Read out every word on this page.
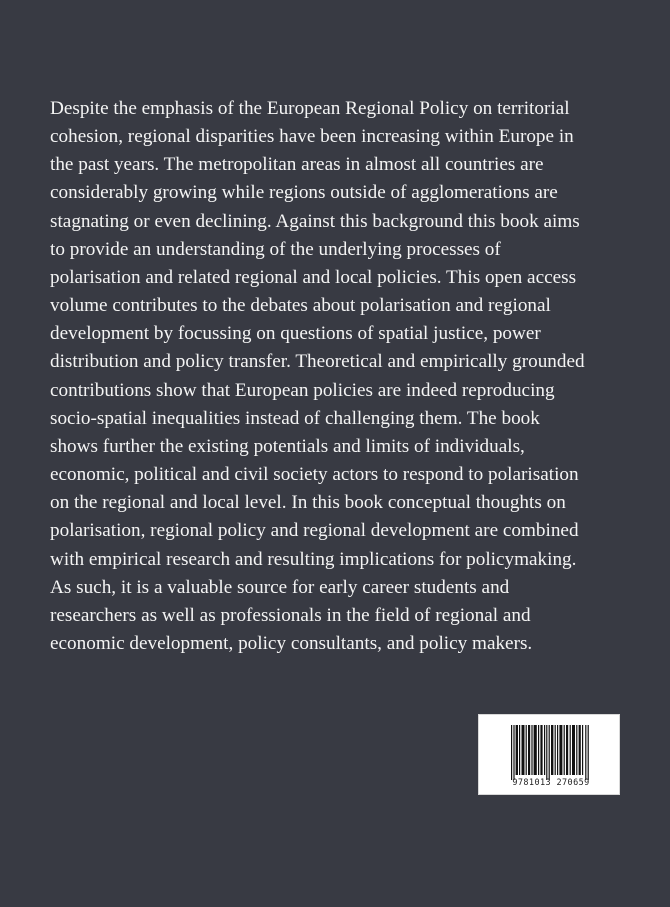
Despite the emphasis of the European Regional Policy on territorial
cohesion, regional disparities have been increasing within Europe in
the past years. The metropolitan areas in almost all countries are
considerably growing while regions outside of agglomerations are
stagnating or even declining. Against this background this book aims
to provide an understanding of the underlying processes of
polarisation and related regional and local policies. This open access
volume contributes to the debates about polarisation and regional
development by focussing on questions of spatial justice, power
distribution and policy transfer. Theoretical and empirically grounded
contributions show that European policies are indeed reproducing
socio-spatial inequalities instead of challenging them. The book
shows further the existing potentials and limits of individuals,
economic, political and civil society actors to respond to polarisation
on the regional and local level. In this book conceptual thoughts on
polarisation, regional policy and regional development are combined
with empirical research and resulting implications for policymaking.
As such, it is a valuable source for early career students and
researchers as well as professionals in the field of regional and
economic development, policy consultants, and policy makers.
9781013 270659
